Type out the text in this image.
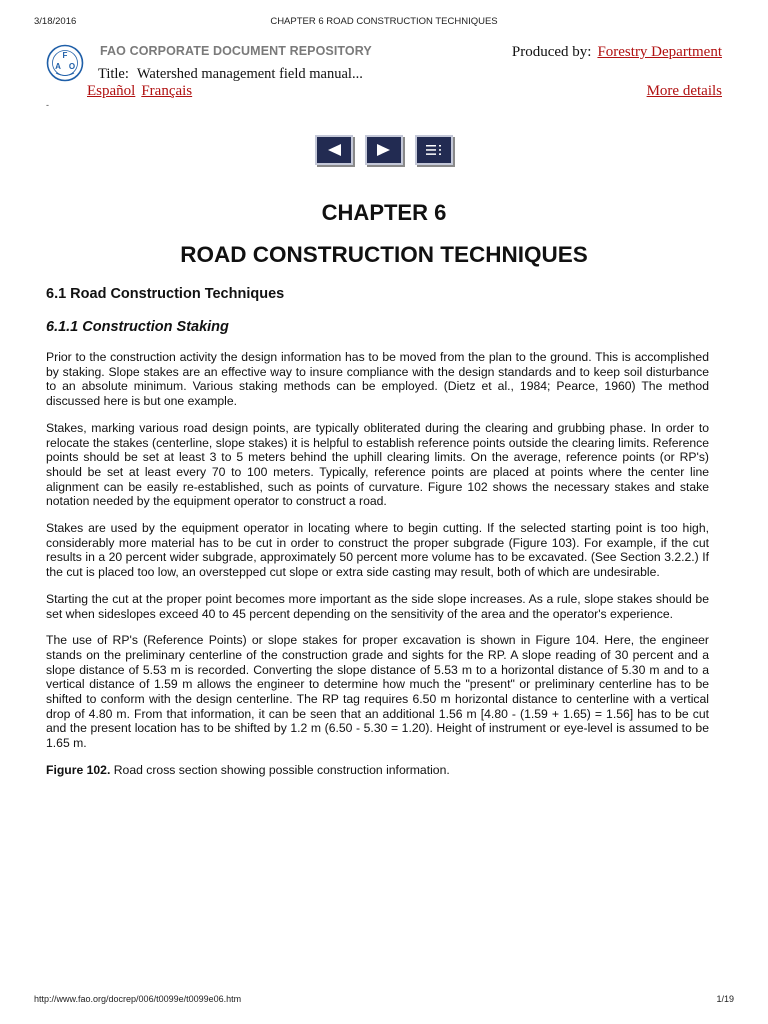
3/18/2016	CHAPTER 6 ROAD CONSTRUCTION TECHNIQUES
F
A O
FAO CORPORATE DOCUMENT REPOSITORY
Title: Watershed management field manual...
Produced by: Forestry Department
Español Français	More details
-
CHAPTER 6
ROAD CONSTRUCTION TECHNIQUES
6.1 Road Construction Techniques
6.1.1 Construction Staking

Prior to the construction activity the design information has to be moved from the plan to the ground. This is accomplished by staking. Slope stakes are an effective way to insure compliance with the design standards and to keep soil disturbance to an absolute minimum. Various staking methods can be employed. (Dietz et al., 1984; Pearce, 1960) The method discussed here is but one example.

Stakes, marking various road design points, are typically obliterated during the clearing and grubbing phase. In order to relocate the stakes (centerline, slope stakes) it is helpful to establish reference points outside the clearing limits. Reference points should be set at least 3 to 5 meters behind the uphill clearing limits. On the average, reference points (or RP's) should be set at least every 70 to 100 meters. Typically, reference points are placed at points where the center line alignment can be easily re-established, such as points of curvature. Figure 102 shows the necessary stakes and stake notation needed by the equipment operator to construct a road.

Stakes are used by the equipment operator in locating where to begin cutting. If the selected starting point is too high, considerably more material has to be cut in order to construct the proper subgrade (Figure 103). For example, if the cut results in a 20 percent wider subgrade, approximately 50 percent more volume has to be excavated. (See Section 3.2.2.) If the cut is placed too low, an overstepped cut slope or extra side casting may result, both of which are undesirable.

Starting the cut at the proper point becomes more important as the side slope increases. As a rule, slope stakes should be set when sideslopes exceed 40 to 45 percent depending on the sensitivity of the area and the operator's experience.

The use of RP's (Reference Points) or slope stakes for proper excavation is shown in Figure 104. Here, the engineer stands on the preliminary centerline of the construction grade and sights for the RP. A slope reading of 30 percent and a slope distance of 5.53 m is recorded. Converting the slope distance of 5.53 m to a horizontal distance of 5.30 m and to a vertical distance of 1.59 m allows the engineer to determine how much the "present" or preliminary centerline has to be shifted to conform with the design centerline. The RP tag requires 6.50 m horizontal distance to centerline with a vertical drop of 4.80 m. From that information, it can be seen that an additional 1.56 m [4.80 - (1.59 + 1.65) = 1.56] has to be cut and the present location has to be shifted by 1.2 m (6.50 - 5.30 = 1.20). Height of instrument or eye-level is assumed to be 1.65 m.

Figure 102. Road cross section showing possible construction information.

http://www.fao.org/docrep/006/t0099e/t0099e06.htm	1/19
